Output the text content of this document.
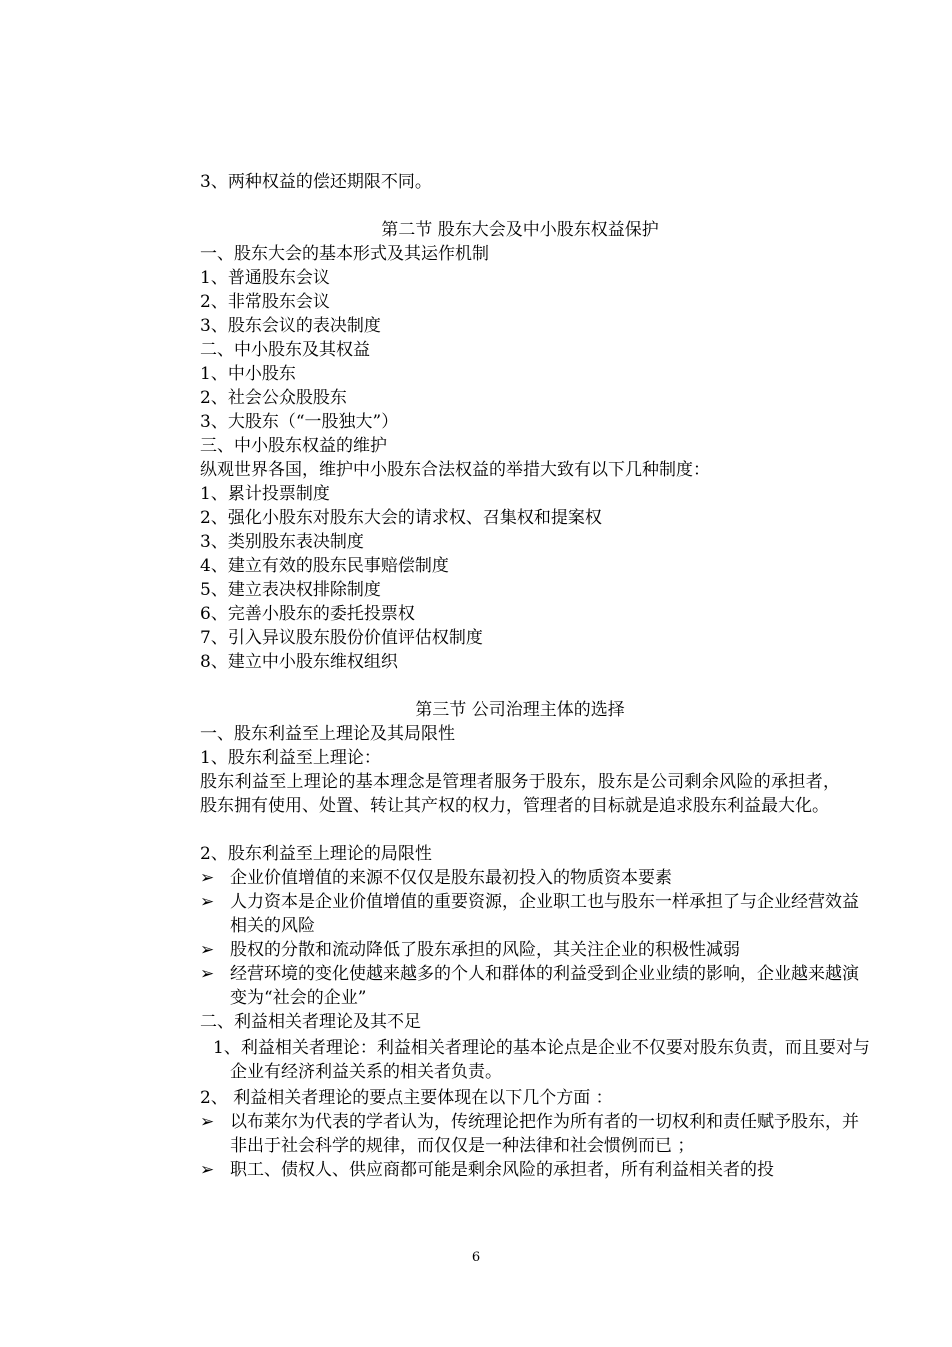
3、两种权益的偿还期限不同。
第二节 股东大会及中小股东权益保护
一、股东大会的基本形式及其运作机制
1、普通股东会议
2、非常股东会议
3、股东会议的表决制度
二、中小股东及其权益
1、中小股东
2、社会公众股股东
3、大股东（“一股独大”）
三、中小股东权益的维护
纵观世界各国，维护中小股东合法权益的举措大致有以下几种制度：
1、累计投票制度
2、强化小股东对股东大会的请求权、召集权和提案权
3、类别股东表决制度
4、建立有效的股东民事赔偿制度
5、建立表决权排除制度
6、完善小股东的委托投票权
7、引入异议股东股份价值评估权制度
8、建立中小股东维权组织
第三节 公司治理主体的选择
一、股东利益至上理论及其局限性
1、股东利益至上理论：
股东利益至上理论的基本理念是管理者服务于股东，股东是公司剩余风险的承担者，股东拥有使用、处置、转让其产权的权力，管理者的目标就是追求股东利益最大化。
2、股东利益至上理论的局限性
➢ 企业价值增值的来源不仅仅是股东最初投入的物质资本要素
➢ 人力资本是企业价值增值的重要资源，企业职工也与股东一样承担了与企业经营效益相关的风险
➢ 股权的分散和流动降低了股东承担的风险，其关注企业的积极性减弱
➢ 经营环境的变化使越来越多的个人和群体的利益受到企业业绩的影响，企业越来越演变为“社会的企业”
二、利益相关者理论及其不足
1、利益相关者理论：利益相关者理论的基本论点是企业不仅要对股东负责，而且要对与企业有经济利益关系的相关者负责。
2、 利益相关者理论的要点主要体现在以下几个方面 ：
➢ 以布莱尔为代表的学者认为，传统理论把作为所有者的一切权利和责任赋予股东，并非出于社会科学的规律，而仅仅是一种法律和社会惯例而已 ；
➢ 职工、债权人、供应商都可能是剩余风险的承担者，所有利益相关者的投
6
